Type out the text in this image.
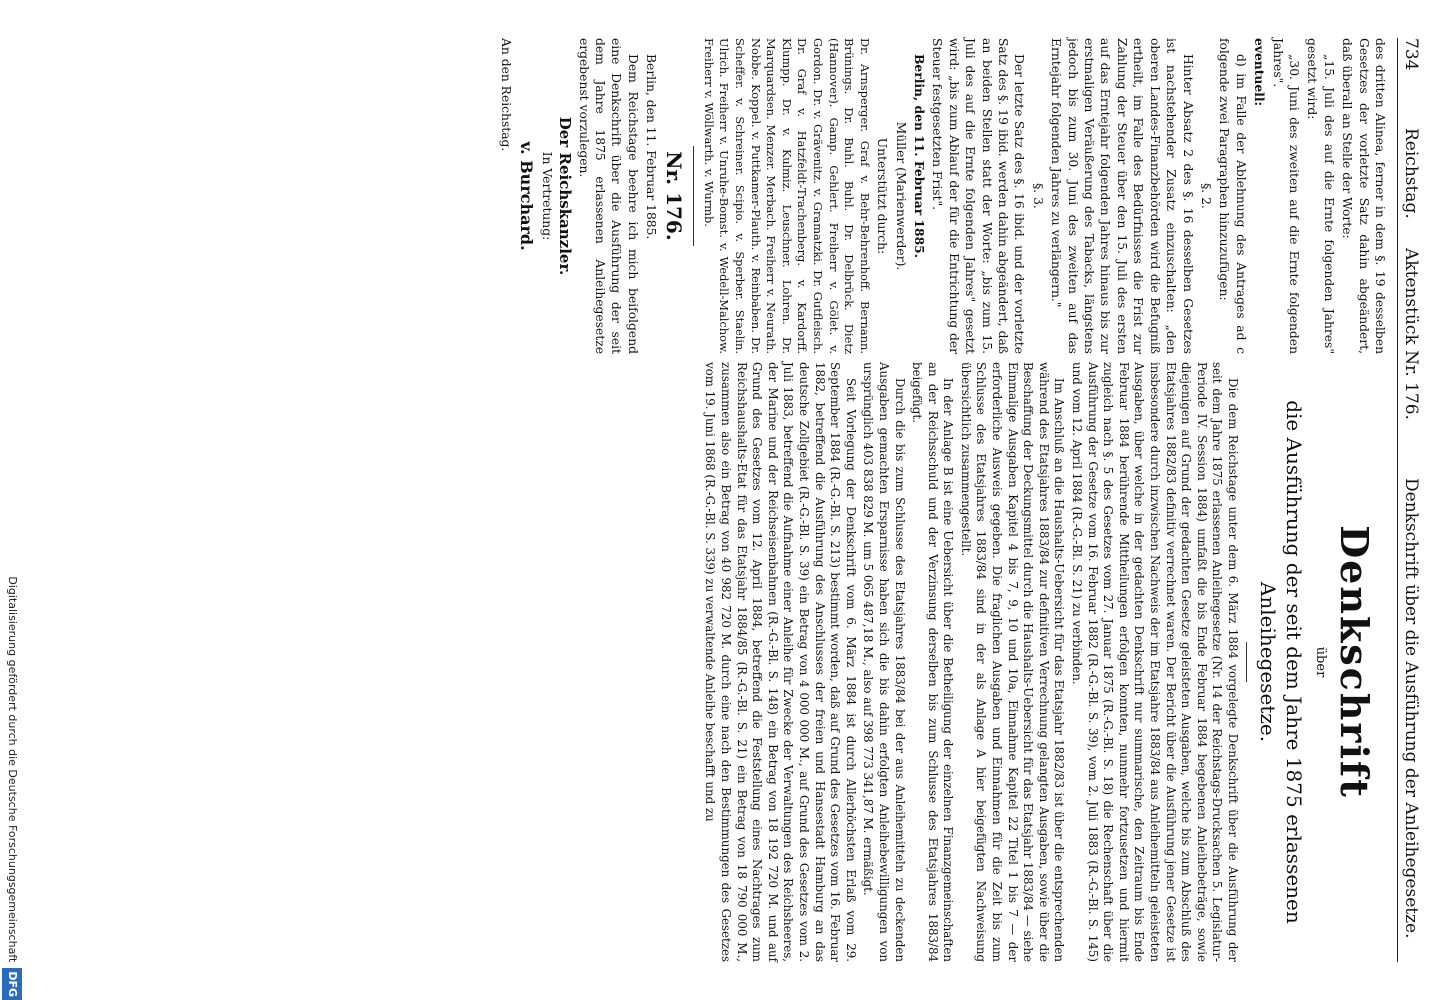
734
Reichstag.
Aktenstück Nr. 176.
Denkschrift über die Ausführung der Anleihegesetze.

des dritten Alinea, ferner in dem §. 19 desselben Gesetzes der vorletzte Satz dahin abgeändert, daß überall an Stelle der Worte:

„15. Juli des auf die Ernte folgenden Jahres" gesetzt wird:

„30. Juni des zweiten auf die Ernte folgenden Jahres".

eventuell:

d) im Falle der Ablehnung des Antrages ad c folgende zwei Paragraphen hinzuzufügen:

§. 2.

Hinter Absatz 2 des §. 16 desselben Gesetzes ist nachstehender Zusatz einzuschalten: „den oberen Landes-Finanzbehörden wird die Befugniß ertheilt, im Falle des Bedürfnisses die Frist zur Zahlung der Steuer über den 15. Juli des ersten auf das Erntejahr folgenden Jahres hinaus bis zur erstmaligen Veräußerung des Tabacks, längstens jedoch bis zum 30. Juni des zweiten auf das Erntejahr folgenden Jahres zu verlängern."

§. 3.

Der letzte Satz des §. 16 ibid. und der vorletzte Satz des §. 19 ibid. werden dahin abgeändert, daß an beiden Stellen statt der Worte: „bis zum 15. Juli des auf die Ernte folgenden Jahres" gesetzt wird: „bis zum Ablauf der für die Entrichtung der Steuer festgesetzten Frist".

Berlin, den 11. Februar 1885.

Müller (Marienwerder).

Unterstützt durch:

Dr. Arnsperger. Graf v. Behr-Behrenhoff. Bernann. Brünings. Dr. Buhl. Buhl. Dr. Delbrück. Dietz (Hannover). Gamp. Gehlert. Freiherr v. Gölet. v. Gordon. Dr. v. Grävenitz. v. Gramatzki. Dr. Gutfleisch. Dr. Graf v. Hatzfeldt-Trachenberg. v. Kardorff. Klumpp. Dr. v. Kulmiz. Leuschner. Lohren. Dr. Marquardsen. Menzer. Merbach. Freiherr v. Neurath. Nobbe. Koppel. v. Puttkamer-Plauth. v. Reinbaben. Dr. Scheffer. v. Schreiner. Scipio. v. Sperber. Staelin. Ulrich. Freiherr v. Unruhe-Bomst. v. Wedell-Malchow. Freiherr v. Wöllwarth. v. Wurmb.

Nr. 176.

Berlin, den 11. Februar 1885.

Dem Reichstage beehre ich mich beifolgend eine Denkschrift über die Ausführung der seit dem Jahre 1875 erlassenen Anleihegesetze ergebenst vorzulegen.

Der Reichskanzler.

In Vertretung:

v. Burchard.

An den Reichstag.

Denkschrift
über
die Ausführung der seit dem Jahre 1875 erlassenen Anleihegesetze.

Die dem Reichstage unter dem 6. März 1884 vorgelegte Denkschrift über die Ausführung der seit dem Jahre 1875 erlassenen Anleihegesetze (Nr. 14 der Reichstags-Drucksachen 5. Legislatur-Periode IV. Session 1884) umfaßt die bis Ende Februar 1884 begebenen Anleihebeträge, sowie diejenigen auf Grund der gedachten Gesetze geleisteten Ausgaben, welche bis zum Abschluß des Etatsjahres 1882/83 definitiv verrechnet waren. Der Bericht über die Ausführung jener Gesetze ist insbesondere durch inzwischen Nachweis der im Etatsjahre 1883/84 aus Anleihemitteln geleisteten Ausgaben, über welche in der gedachten Denkschrift nur summarische, den Zeitraum bis Ende Februar 1884 berührende Mittheilungen erfolgen konnten, nunmehr fortzusetzen und hiermit zugleich nach §. 5 des Gesetzes vom 27. Januar 1875 (R.-G.-Bl. S. 18) die Rechenschaft über die Ausführung der Gesetze vom 16. Februar 1882 (R.-G.-Bl. S. 39), vom 2. Juli 1883 (R.-G.-Bl. S. 145) und vom 12. April 1884 (R.-G.-Bl. S. 21) zu verbinden.

Im Anschluß an die Haushalts-Uebersicht für das Etatsjahr 1882/83 ist über die entsprechenden während des Etatsjahres 1883/84 zur definitiven Verrechnung gelangten Ausgaben, sowie über die Beschaffung der Deckungsmittel durch die Haushalts-Uebersicht für das Etatsjahr 1883/84 — siehe Einmalige Ausgaben Kapitel 4 bis 7, 9, 10 und 10a, Einnahme Kapitel 22 Titel 1 bis 7 — der erforderliche Ausweis gegeben. Die fraglichen Ausgaben und Einnahmen für die Zeit bis zum Schlusse des Etatsjahres 1883/84 sind in der als Anlage A hier beigefügten Nachweisung übersichtlich zusammengestellt.

In der Anlage B ist eine Uebersicht über die Betheiligung der einzelnen Finanzgemeinschaften an der Reichsschuld und der Verzinsung derselben bis zum Schlusse des Etatsjahres 1883/84 beigefügt.

Durch die bis zum Schlusse des Etatsjahres 1883/84 bei der aus Anleihemitteln zu deckenden Ausgaben gemachten Ersparnisse haben sich die bis dahin erfolgten Anleihebewilligungen von ursprünglich 403 838 829 M. um 5 065 487,18 M., also auf 398 773 341,87 M. ermäßigt.

Seit Vorlegung der Denkschrift vom 6. März 1884 ist durch Allerhöchsten Erlaß vom 29. September 1884 (R.-G.-Bl. S. 213) bestimmt worden, daß auf Grund des Gesetzes vom 16. Februar 1882, betreffend die Ausführung des Anschlusses der freien und Hansestadt Hamburg an das deutsche Zollgebiet (R.-G.-Bl. S. 39) ein Betrag von 4 000 000 M., auf Grund des Gesetzes vom 2. Juli 1883, betreffend die Aufnahme einer Anleihe für Zwecke der Verwaltungen des Reichsheeres, der Marine und der Reichseisenbahnen (R.-G.-Bl. S. 148) ein Betrag von 18 192 720 M. und auf Grund des Gesetzes vom 12. April 1884, betreffend die Feststellung eines Nachtrages zum Reichshaushalts-Etat für das Etatsjahr 1884/85 (R.-G.-Bl. S. 21) ein Betrag von 18 790 000 M., zusammen also ein Betrag von 40 982 720 M. durch eine nach den Bestimmungen des Gesetzes vom 19. Juni 1868 (R.-G.-Bl. S. 339) zu verwaltende Anleihe beschafft und zu

Digitalisierung gefördert durch die Deutsche ForschungsgemeinschaftDFG
